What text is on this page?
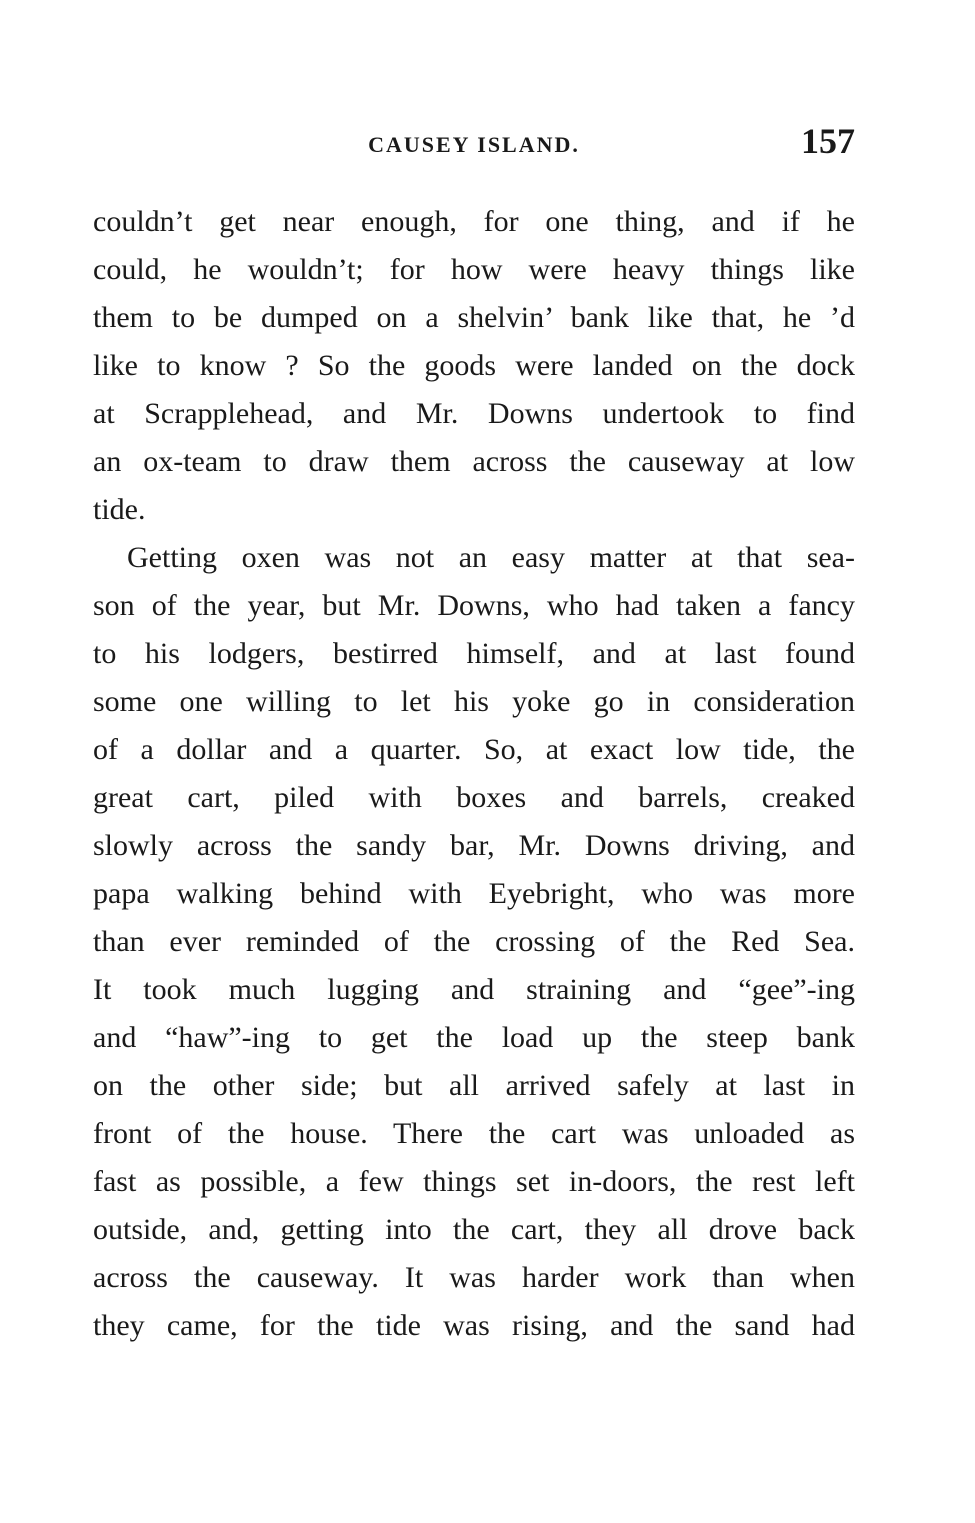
CAUSEY ISLAND.	157
couldn’t get near enough, for one thing, and if he
could, he wouldn’t; for how were heavy things like
them to be dumped on a shelvin’ bank like that, he ’d
like to know ? So the goods were landed on the dock
at Scrapplehead, and Mr. Downs undertook to find
an ox-team to draw them across the causeway at low
tide.
Getting oxen was not an easy matter at that sea-
son of the year, but Mr. Downs, who had taken a fancy
to his lodgers, bestirred himself, and at last found
some one willing to let his yoke go in consideration
of a dollar and a quarter. So, at exact low tide, the
great cart, piled with boxes and barrels, creaked
slowly across the sandy bar, Mr. Downs driving, and
papa walking behind with Eyebright, who was more
than ever reminded of the crossing of the Red Sea.
It took much lugging and straining and “gee”-ing
and “haw”-ing to get the load up the steep bank
on the other side; but all arrived safely at last in
front of the house. There the cart was unloaded as
fast as possible, a few things set in-doors, the rest left
outside, and, getting into the cart, they all drove back
across the causeway. It was harder work than when
they came, for the tide was rising, and the sand had
